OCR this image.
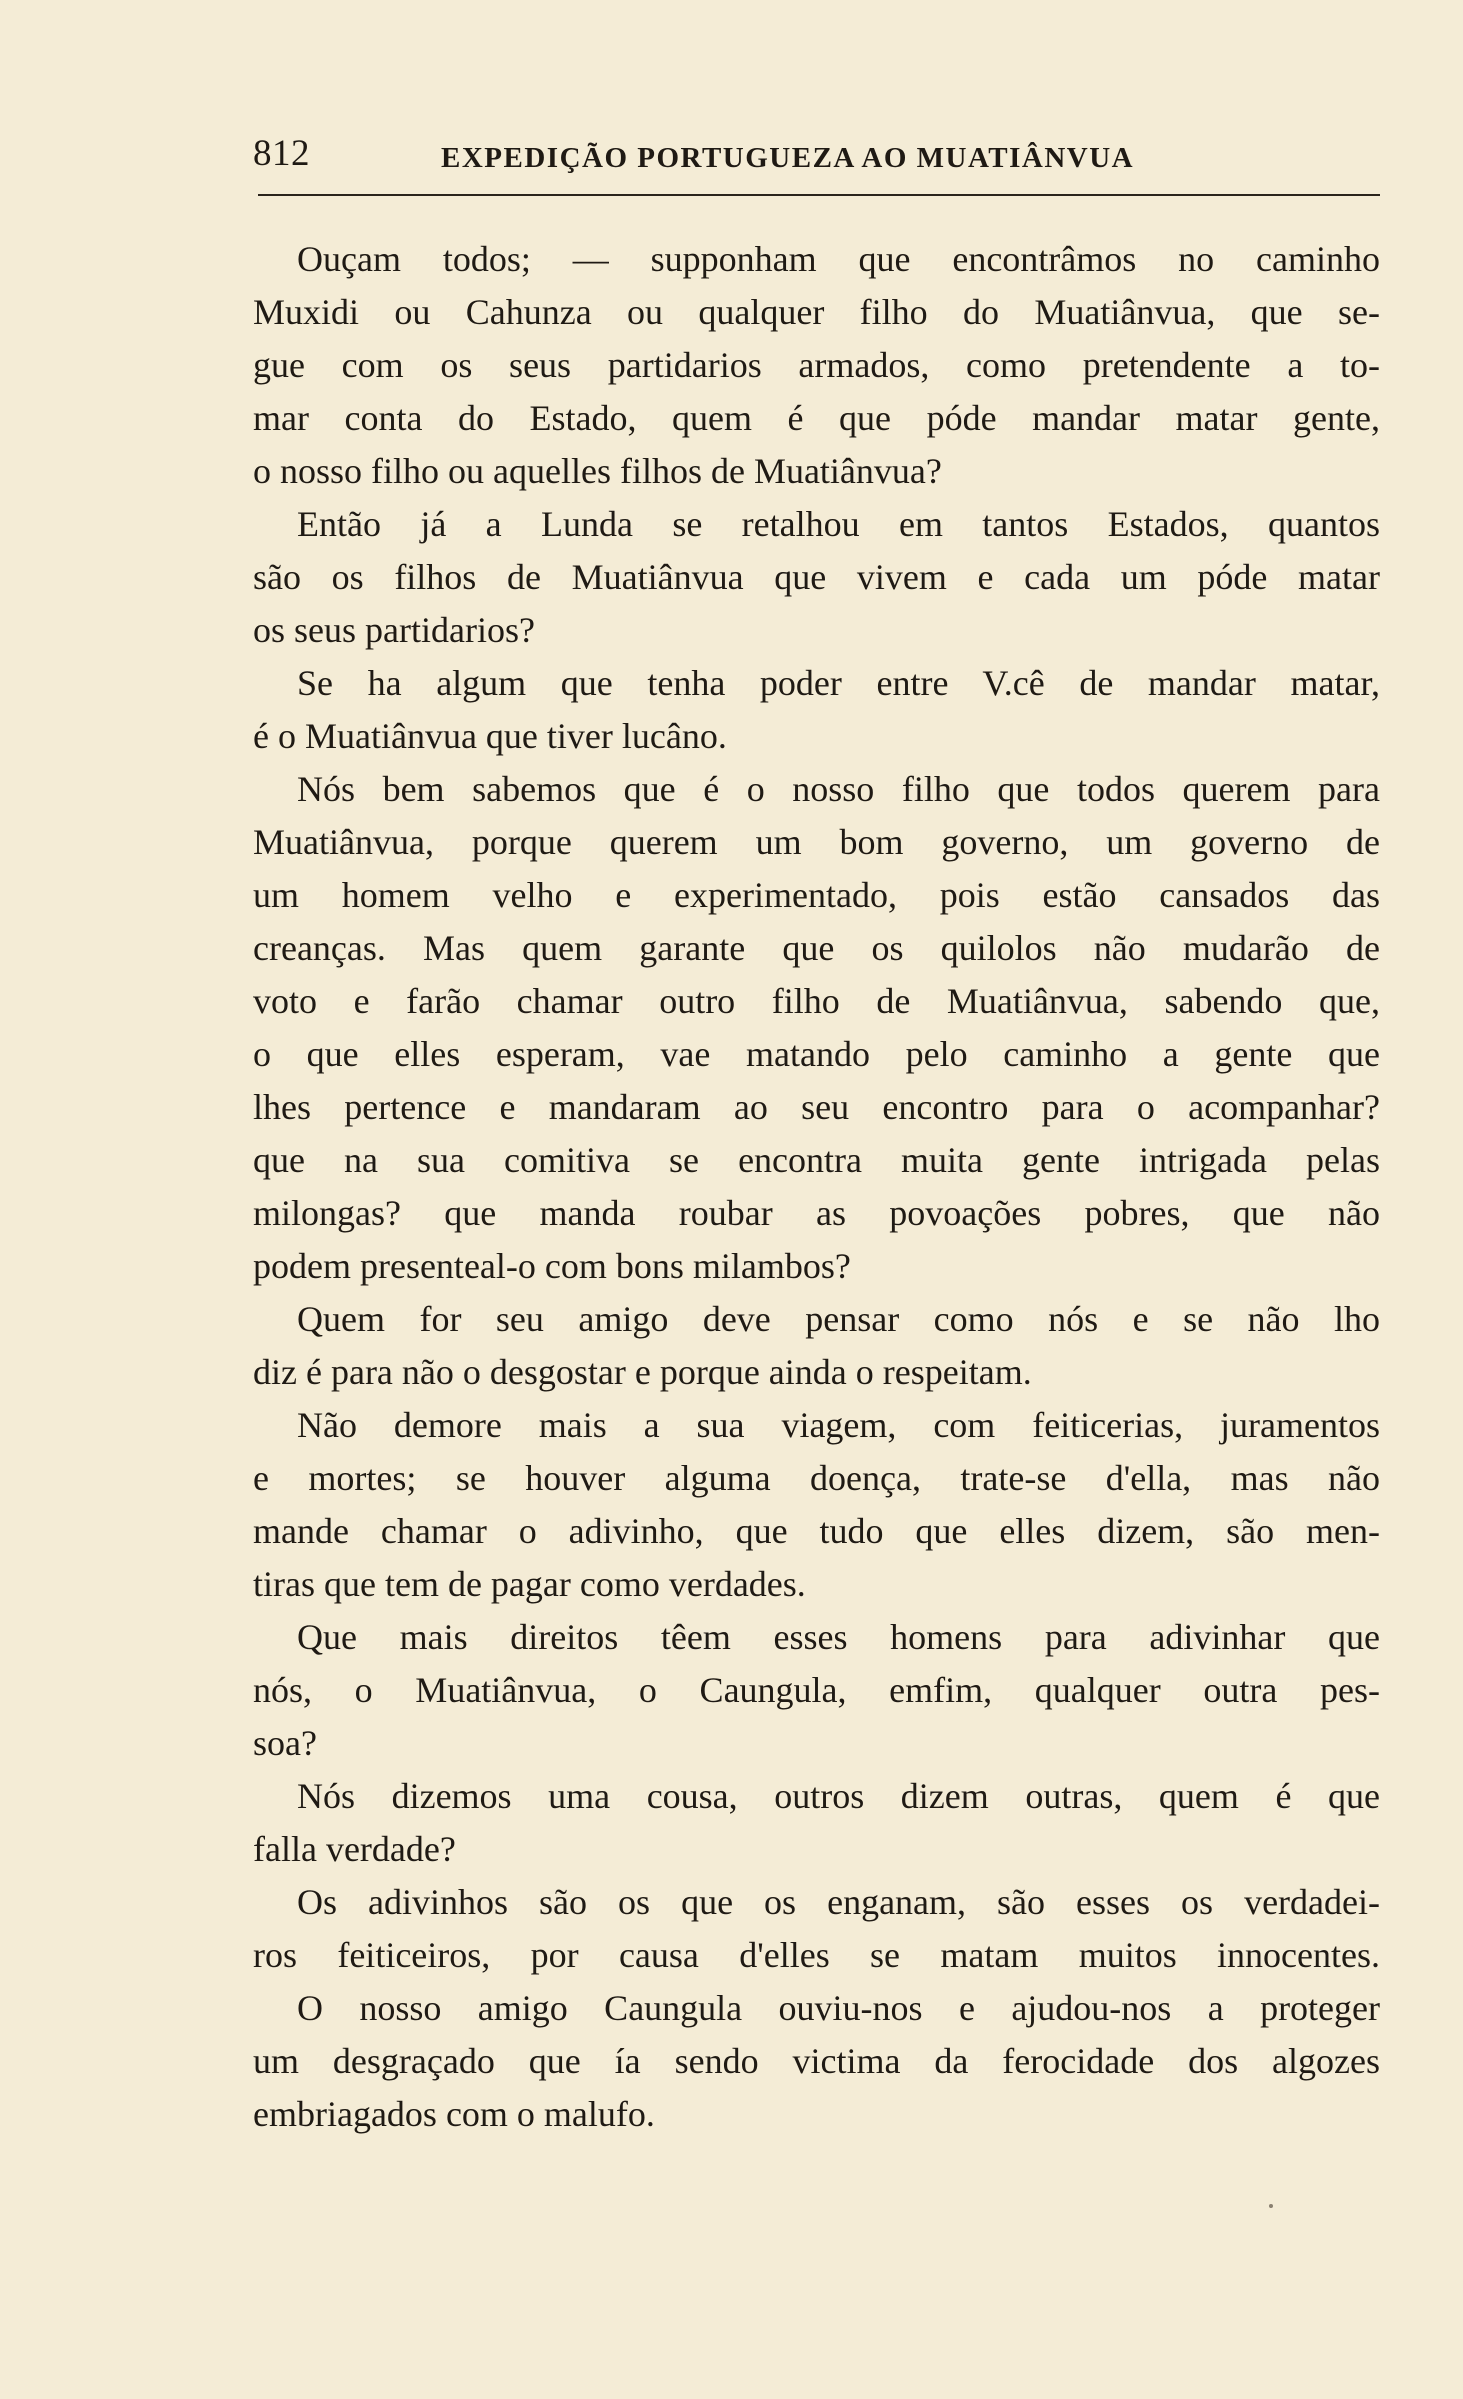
812	EXPEDIÇÃO PORTUGUEZA AO MUATIÂNVUA
Ouçam todos; — supponham que encontrâmos no caminho
Muxidi ou Cahunza ou qualquer filho do Muatiânvua, que se-
gue com os seus partidarios armados, como pretendente a to-
mar conta do Estado, quem é que póde mandar matar gente,
o nosso filho ou aquelles filhos de Muatiânvua?
Então já a Lunda se retalhou em tantos Estados, quantos
são os filhos de Muatiânvua que vivem e cada um póde matar
os seus partidarios?
Se ha algum que tenha poder entre V.cê de mandar matar,
é o Muatiânvua que tiver lucâno.
Nós bem sabemos que é o nosso filho que todos querem para
Muatiânvua, porque querem um bom governo, um governo de
um homem velho e experimentado, pois estão cansados das
creanças. Mas quem garante que os quilolos não mudarão de
voto e farão chamar outro filho de Muatiânvua, sabendo que,
o que elles esperam, vae matando pelo caminho a gente que
lhes pertence e mandaram ao seu encontro para o acompanhar?
que na sua comitiva se encontra muita gente intrigada pelas
milongas? que manda roubar as povoações pobres, que não
podem presenteal-o com bons milambos?
Quem for seu amigo deve pensar como nós e se não lho
diz é para não o desgostar e porque ainda o respeitam.
Não demore mais a sua viagem, com feiticerias, juramentos
e mortes; se houver alguma doença, trate-se d'ella, mas não
mande chamar o adivinho, que tudo que elles dizem, são men-
tiras que tem de pagar como verdades.
Que mais direitos têem esses homens para adivinhar que
nós, o Muatiânvua, o Caungula, emfim, qualquer outra pes-
soa?
Nós dizemos uma cousa, outros dizem outras, quem é que
falla verdade?
Os adivinhos são os que os enganam, são esses os verdadei-
ros feiticeiros, por causa d'elles se matam muitos innocentes.
O nosso amigo Caungula ouviu-nos e ajudou-nos a proteger
um desgraçado que ía sendo victima da ferocidade dos algozes
embriagados com o malufo.
